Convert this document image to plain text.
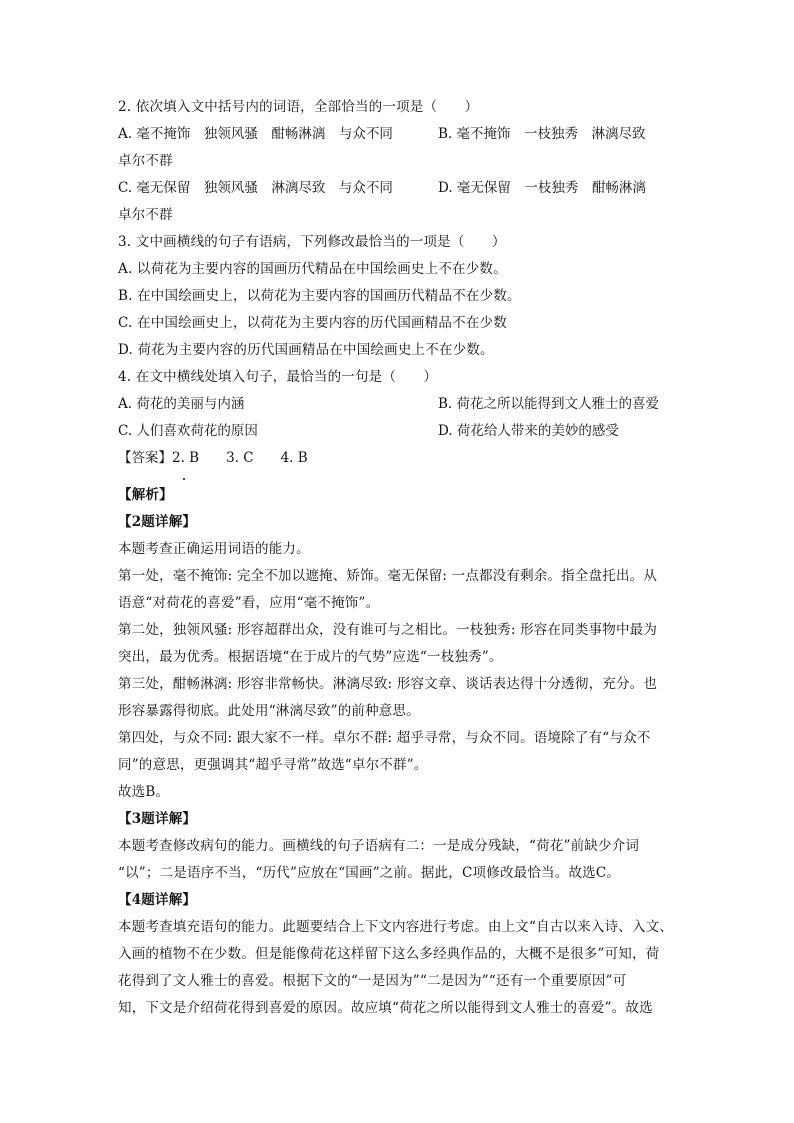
2. 依次填入文中括号内的词语，全部恰当的一项是（　　）
A. 毫不掩饰　独领风骚　酣畅淋漓　与众不同	B. 毫不掩饰　一枝独秀　淋漓尽致
卓尔不群
C. 毫无保留　独领风骚　淋漓尽致　与众不同	D. 毫无保留　一枝独秀　酣畅淋漓
卓尔不群
3. 文中画横线的句子有语病，下列修改最恰当的一项是（　　）
A. 以荷花为主要内容的国画历代精品在中国绘画史上不在少数。
B. 在中国绘画史上，以荷花为主要内容的国画历代精品不在少数。
C. 在中国绘画史上，以荷花为主要内容的历代国画精品不在少数
D. 荷花为主要内容的历代国画精品在中国绘画史上不在少数。
4. 在文中横线处填入句子，最恰当的一句是（　　）
A. 荷花的美丽与内涵	B. 荷花之所以能得到文人雅士的喜爱
C. 人们喜欢荷花的原因	D. 荷花给人带来的美妙的感受
【答案】2. B　　3. C　　4. B
【解析】
【2题详解】
本题考查正确运用词语的能力。
第一处，毫不掩饰: 完全不加以遮掩、矫饰。毫无保留: 一点都没有剩余。指全盘托出。从
语意“对荷花的喜爱”看，应用“毫不掩饰”。
第二处，独领风骚: 形容超群出众，没有谁可与之相比。一枝独秀: 形容在同类事物中最为
突出，最为优秀。根据语境“在于成片的气势”应选“一枝独秀”。
第三处，酣畅淋漓: 形容非常畅快。淋漓尽致: 形容文章、谈话表达得十分透彻，充分。也
形容暴露得彻底。此处用“淋漓尽致”的前种意思。
第四处，与众不同: 跟大家不一样。卓尔不群: 超乎寻常，与众不同。语境除了有“与众不
同”的意思，更强调其“超乎寻常”故选“卓尔不群”。
故选B。
【3题详解】
本题考查修改病句的能力。画横线的句子语病有二：一是成分残缺，“荷花”前缺少介词
“以”；二是语序不当，“历代”应放在“国画”之前。据此，C项修改最恰当。故选C。
【4题详解】
本题考查填充语句的能力。此题要结合上下文内容进行考虑。由上文“自古以来入诗、入文、
入画的植物不在少数。但是能像荷花这样留下这么多经典作品的，大概不是很多”可知，荷
花得到了文人雅士的喜爱。根据下文的“一是因为”“二是因为”“还有一个重要原因”可
知，下文是介绍荷花得到喜爱的原因。故应填“荷花之所以能得到文人雅士的喜爱”。故选
